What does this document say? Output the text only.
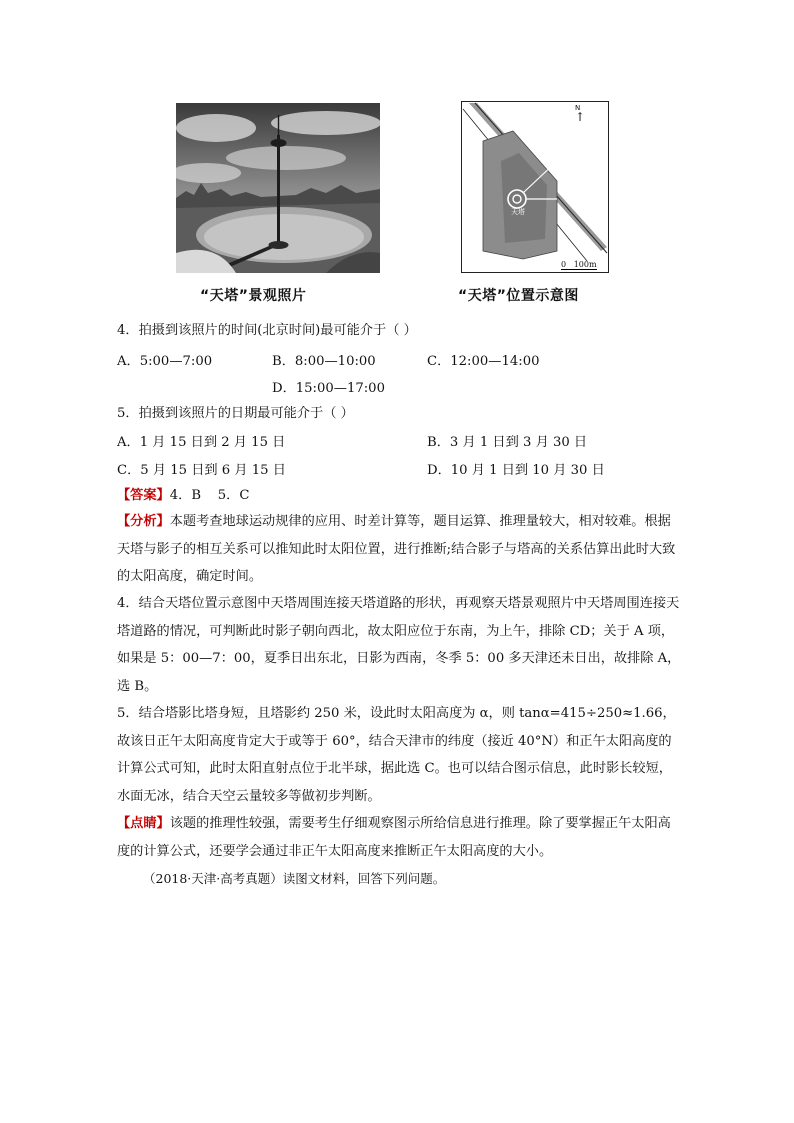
N
↑
天塔
0   100m
“天塔”景观照片	“天塔”位置示意图
4．拍摄到该照片的时间(北京时间)最可能介于（ ）
A．5:00—7:00	B．8:00—10:00	C．12:00—14:00
D．15:00—17:00
5．拍摄到该照片的日期最可能介于（ ）
A．1 月 15 日到 2 月 15 日	B．3 月 1 日到 3 月 30 日
C．5 月 15 日到 6 月 15 日	D．10 月 1 日到 10 月 30 日
【答案】4．B    5．C
【分析】本题考查地球运动规律的应用、时差计算等，题目运算、推理量较大，相对较难。根据天塔与影子的相互关系可以推知此时太阳位置，进行推断;结合影子与塔高的关系估算出此时大致的太阳高度，确定时间。
4．结合天塔位置示意图中天塔周围连接天塔道路的形状，再观察天塔景观照片中天塔周围连接天塔道路的情况，可判断此时影子朝向西北，故太阳应位于东南，为上午，排除 CD；关于 A 项，如果是 5：00—7：00，夏季日出东北，日影为西南，冬季 5：00 多天津还未日出，故排除 A，选 B。
5．结合塔影比塔身短，且塔影约 250 米，设此时太阳高度为 α，则 tanα=415÷250≈1.66，故该日正午太阳高度肯定大于或等于 60°，结合天津市的纬度（接近 40°N）和正午太阳高度的计算公式可知，此时太阳直射点位于北半球，据此选 C。也可以结合图示信息，此时影长较短，水面无冰，结合天空云量较多等做初步判断。
【点睛】该题的推理性较强，需要考生仔细观察图示所给信息进行推理。除了要掌握正午太阳高度的计算公式，还要学会通过非正午太阳高度来推断正午太阳高度的大小。
（2018·天津·高考真题）读图文材料，回答下列问题。
